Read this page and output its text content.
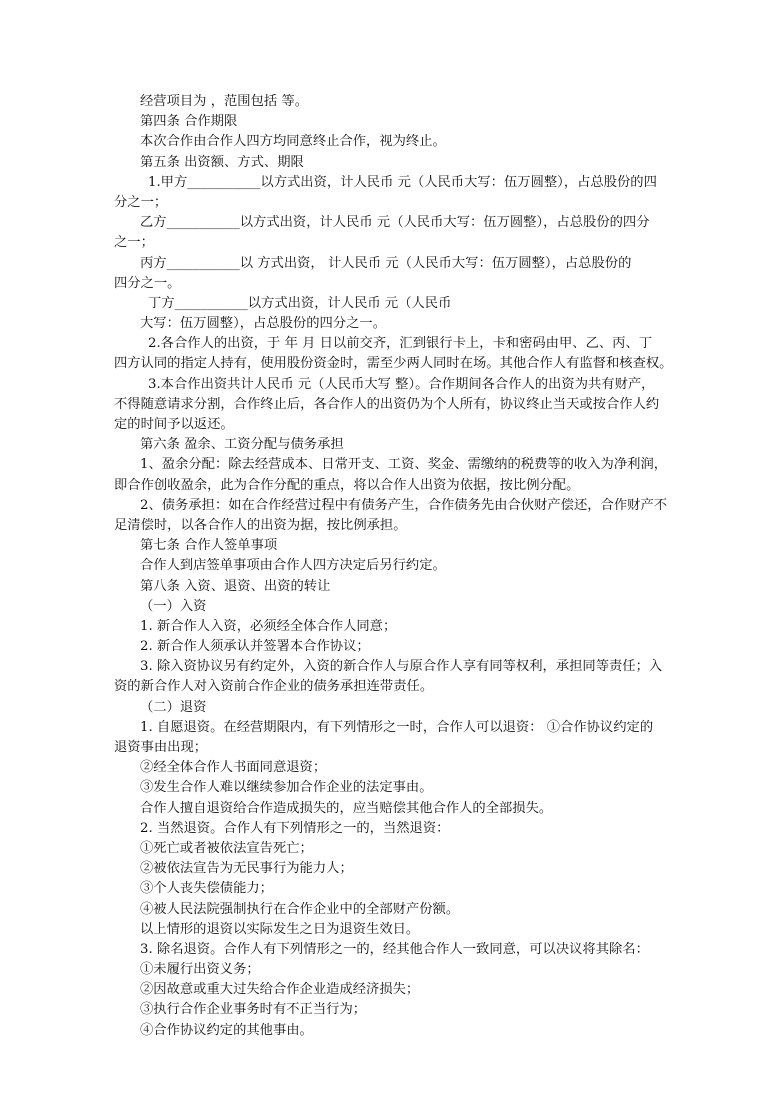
经营项目为 ，范围包括 等。
第四条 合作期限
本次合作由合作人四方均同意终止合作，视为终止。
第五条 出资额、方式、期限
1.甲方___________以方式出资，计人民币 元（人民币大写：伍万圆整），占总股份的四
分之一；
乙方___________以方式出资，计人民币 元（人民币大写：伍万圆整），占总股份的四分
之一；
丙方___________以 方式出资， 计人民币 元（人民币大写：伍万圆整），占总股份的
四分之一。
丁方___________以方式出资，计人民币 元（人民币
大写：伍万圆整），占总股份的四分之一。
2.各合作人的出资，于 年 月 日以前交齐，汇到银行卡上，卡和密码由甲、乙、丙、丁
四方认同的指定人持有，使用股份资金时，需至少两人同时在场。其他合作人有监督和核查权。
3.本合作出资共计人民币 元（人民币大写 整）。合作期间各合作人的出资为共有财产，
不得随意请求分割，合作终止后，各合作人的出资仍为个人所有，协议终止当天或按合作人约
定的时间予以返还。
第六条 盈余、工资分配与债务承担
1、盈余分配：除去经营成本、日常开支、工资、奖金、需缴纳的税费等的收入为净利润，
即合作创收盈余，此为合作分配的重点，将以合作人出资为依据，按比例分配。
2、债务承担：如在合作经营过程中有债务产生，合作债务先由合伙财产偿还，合作财产不
足清偿时，以各合作人的出资为据，按比例承担。
第七条 合作人签单事项
合作人到店签单事项由合作人四方决定后另行约定。
第八条 入资、退资、出资的转让
（一）入资
1. 新合作人入资，必须经全体合作人同意；
2. 新合作人须承认并签署本合作协议；
3. 除入资协议另有约定外，入资的新合作人与原合作人享有同等权利，承担同等责任；入
资的新合作人对入资前合作企业的债务承担连带责任。
（二）退资
1. 自愿退资。在经营期限内，有下列情形之一时，合作人可以退资： ①合作协议约定的
退资事由出现；
②经全体合作人书面同意退资；
③发生合作人难以继续参加合作企业的法定事由。
合作人擅自退资给合作造成损失的，应当赔偿其他合作人的全部损失。
2. 当然退资。合作人有下列情形之一的，当然退资：
①死亡或者被依法宣告死亡；
②被依法宣告为无民事行为能力人；
③个人丧失偿债能力；
④被人民法院强制执行在合作企业中的全部财产份额。
以上情形的退资以实际发生之日为退资生效日。
3. 除名退资。合作人有下列情形之一的，经其他合作人一致同意，可以决议将其除名：
①未履行出资义务；
②因故意或重大过失给合作企业造成经济损失；
③执行合作企业事务时有不正当行为；
④合作协议约定的其他事由。
